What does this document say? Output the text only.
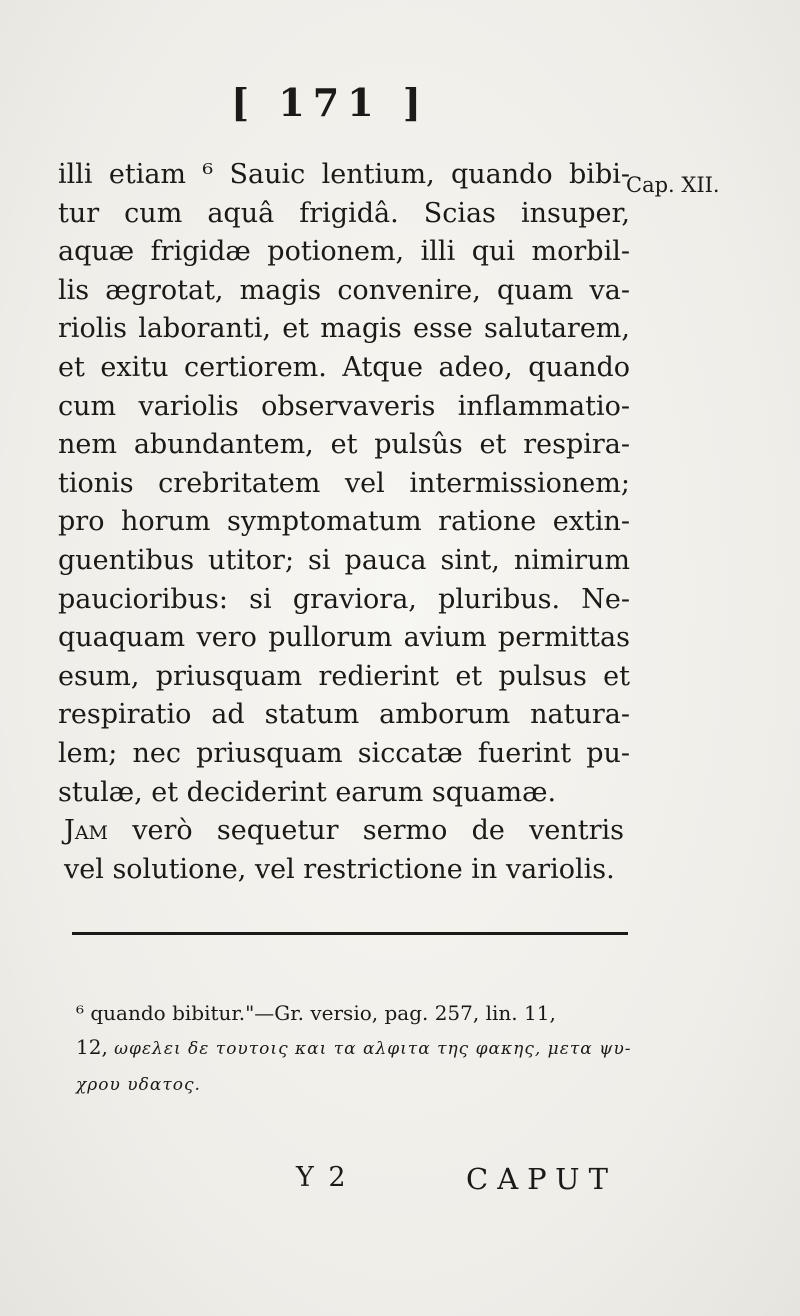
[ 171 ]
Cap. XII.
illi etiam ⁶ Sauic lentium, quando bibi-
tur cum aquâ frigidâ. Scias insuper,
aquæ frigidæ potionem, illi qui morbil-
lis ægrotat, magis convenire, quam va-
riolis laboranti, et magis esse salutarem,
et exitu certiorem. Atque adeo, quando
cum variolis observaveris inflammatio-
nem abundantem, et pulsûs et respira-
tionis crebritatem vel intermissionem;
pro horum symptomatum ratione extin-
guentibus utitor; si pauca sint, nimirum
paucioribus: si graviora, pluribus. Ne-
quaquam vero pullorum avium permittas
esum, priusquam redierint et pulsus et
respiratio ad statum amborum natura-
lem; nec priusquam siccatæ fuerint pu-
stulæ, et deciderint earum squamæ.
Jam verò sequetur sermo de ventris
vel solutione, vel restrictione in variolis.
⁶ quando bibitur."—Gr. versio, pag. 257, lin. 11,
12, ωφελει δε τουτοις και τα αλφιτα της φακης, μετα ψυ-
χρου υδατος.
Y 2	CAPUT
